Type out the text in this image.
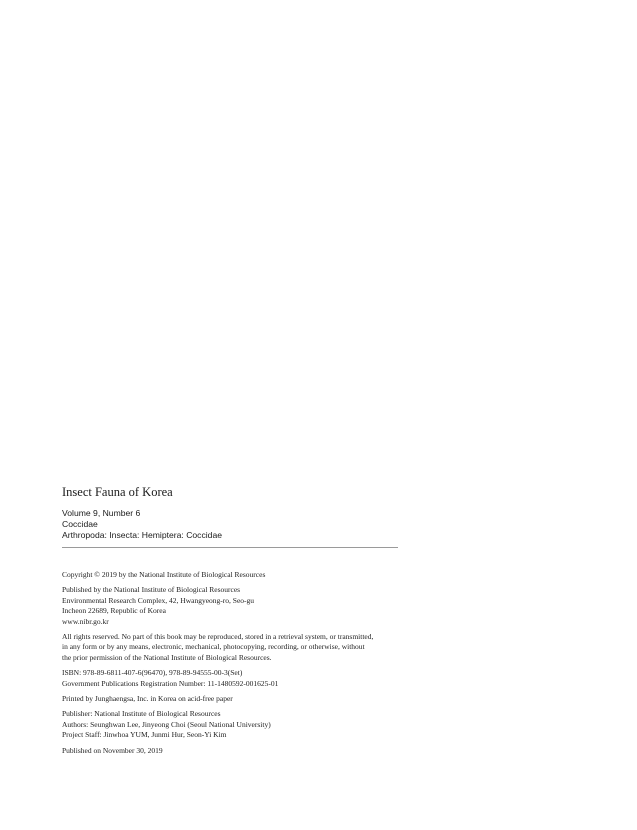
Insect Fauna of Korea
Volume 9, Number 6
Coccidae
Arthropoda: Insecta: Hemiptera: Coccidae
Copyright © 2019 by the National Institute of Biological Resources
Published by the National Institute of Biological Resources
Environmental Research Complex, 42, Hwangyeong-ro, Seo-gu
Incheon 22689, Republic of Korea
www.nibr.go.kr
All rights reserved. No part of this book may be reproduced, stored in a retrieval system, or transmitted,
in any form or by any means, electronic, mechanical, photocopying, recording, or otherwise, without
the prior permission of the National Institute of Biological Resources.
ISBN: 978-89-6811-407-6(96470), 978-89-94555-00-3(Set)
Government Publications Registration Number: 11-1480592-001625-01
Printed by Junghaengsa, Inc. in Korea on acid-free paper
Publisher: National Institute of Biological Resources
Authors: Seunghwan Lee, Jinyeong Choi (Seoul National University)
Project Staff: Jinwhoa YUM, Junmi Hur, Seon-Yi Kim
Published on November 30, 2019
